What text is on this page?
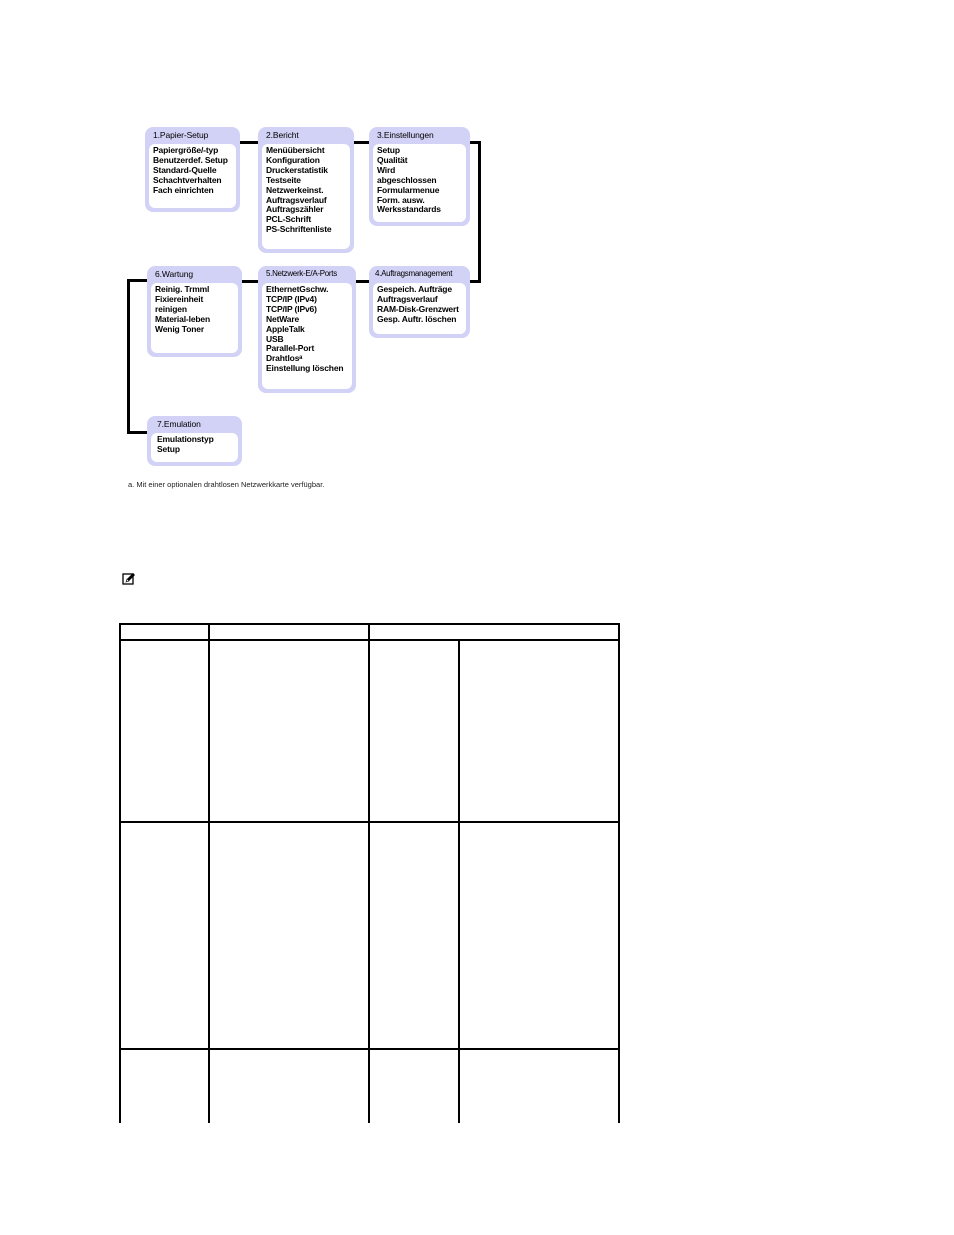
1.Papier-Setup
Papiergröße/-typ
Benutzerdef. Setup
Standard-Quelle
Schachtverhalten
Fach einrichten
2.Bericht
Menüübersicht
Konfiguration
Druckerstatistik
Testseite
Netzwerkeinst.
Auftragsverlauf
Auftragszähler
PCL-Schrift
PS-Schriftenliste
3.Einstellungen
Setup
Qualität
Wird
abgeschlossen
Formularmenue
Form. ausw.
Werksstandards
4.Auftragsmanagement
Gespeich. Aufträge
Auftragsverlauf
RAM-Disk-Grenzwert
Gesp. Auftr. löschen
5.Netzwerk-E/A-Ports
EthernetGschw.
TCP/IP (IPv4)
TCP/IP (IPv6)
NetWare
AppleTalk
USB
Parallel-Port
Drahtlosᵃ
Einstellung löschen
6.Wartung
Reinig. Trmml
Fixiereinheit
reinigen
Material-leben
Wenig Toner
7.Emulation
Emulationstyp
Setup
a. Mit einer optionalen drahtlosen Netzwerkkarte verfügbar.
